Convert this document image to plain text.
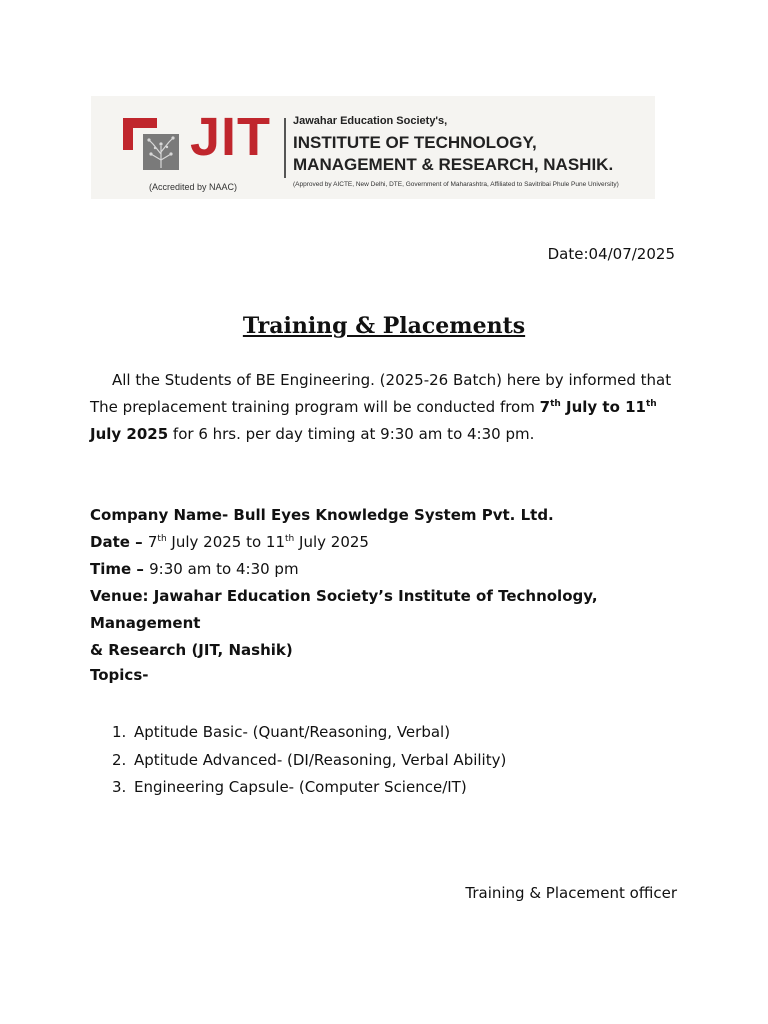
JIT
(Accredited by NAAC)
Jawahar Education Society's,
INSTITUTE OF TECHNOLOGY,
MANAGEMENT & RESEARCH, NASHIK.
(Approved by AICTE, New Delhi, DTE, Government of Maharashtra, Affiliated to Savitribai Phule Pune University)
Date:04/07/2025
Training & Placements
All the Students of BE Engineering. (2025-26 Batch) here by informed that
The preplacement training program will be conducted from 7th July to 11th
July 2025 for 6 hrs. per day timing at 9:30 am to 4:30 pm.
Company Name- Bull Eyes Knowledge System Pvt. Ltd.
Date – 7th July 2025 to 11th July 2025
Time – 9:30 am to 4:30 pm
Venue: Jawahar Education Society’s Institute of Technology, Management
& Research (JIT, Nashik)
Topics-
1. Aptitude Basic- (Quant/Reasoning, Verbal)
2. Aptitude Advanced- (DI/Reasoning, Verbal Ability)
3. Engineering Capsule- (Computer Science/IT)
Training & Placement officer
